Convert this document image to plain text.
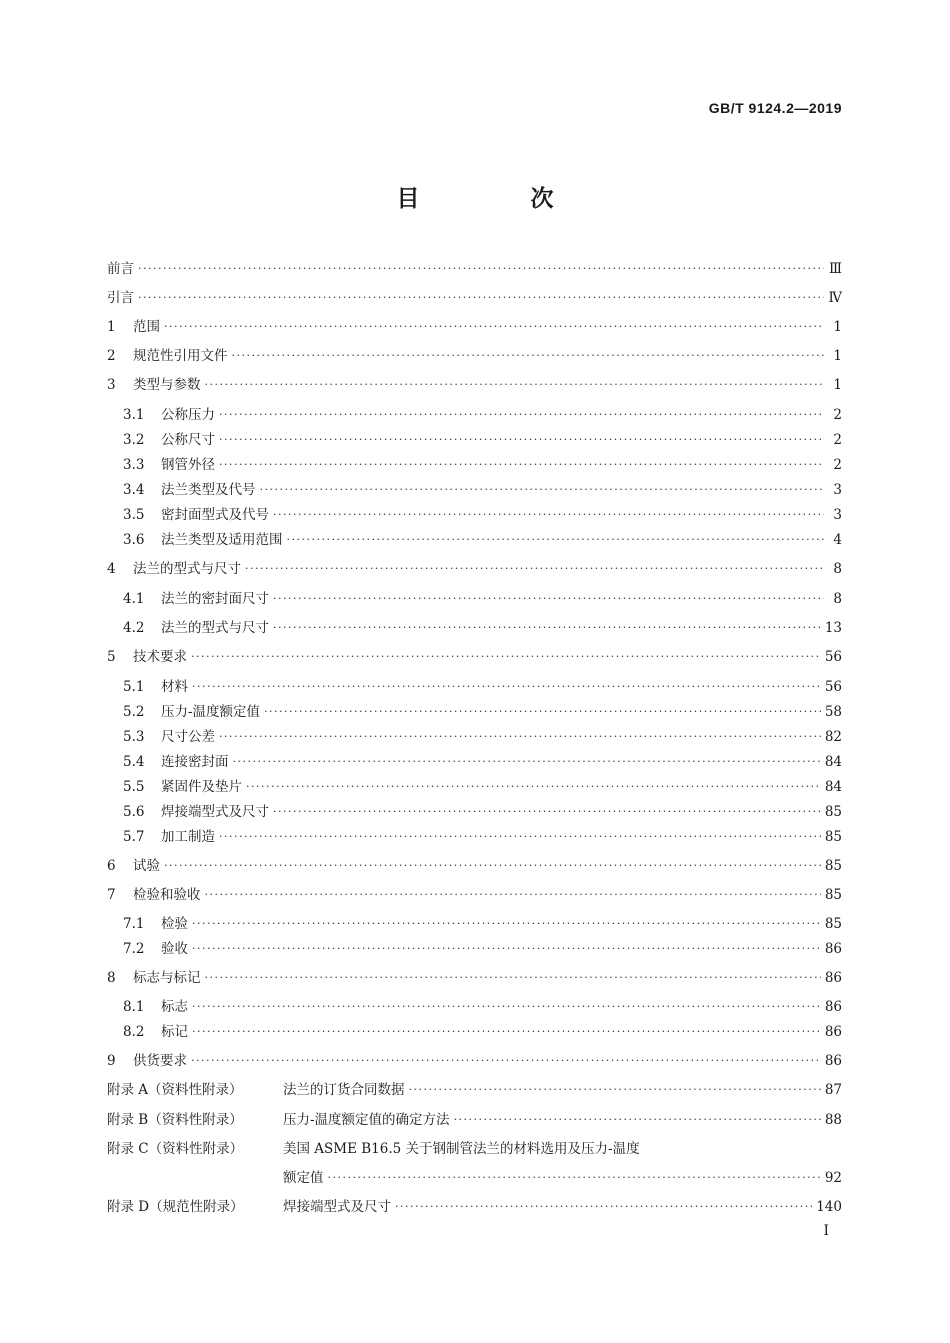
GB/T 9124.2—2019
目　次
前言 ·····	Ⅲ
引言 ·····	Ⅳ
1	范围 ·····	1
2	规范性引用文件 ·····	1
3	类型与参数 ·····	1
3.1	公称压力 ·····	2
3.2	公称尺寸 ·····	2
3.3	钢管外径 ·····	2
3.4	法兰类型及代号 ·····	3
3.5	密封面型式及代号 ·····	3
3.6	法兰类型及适用范围 ·····	4
4	法兰的型式与尺寸 ·····	8
4.1	法兰的密封面尺寸 ·····	8
4.2	法兰的型式与尺寸 ·····	13
5	技术要求 ·····	56
5.1	材料 ·····	56
5.2	压力-温度额定值 ·····	58
5.3	尺寸公差 ·····	82
5.4	连接密封面 ·····	84
5.5	紧固件及垫片 ·····	84
5.6	焊接端型式及尺寸 ·····	85
5.7	加工制造 ·····	85
6	试验 ·····	85
7	检验和验收 ·····	85
7.1	检验 ·····	85
7.2	验收 ·····	86
8	标志与标记 ·····	86
8.1	标志 ·····	86
8.2	标记 ·····	86
9	供货要求 ·····	86
附录 A（资料性附录）	法兰的订货合同数据 ·····	87
附录 B（资料性附录）	压力-温度额定值的确定方法 ·····	88
附录 C（资料性附录）	美国 ASME B16.5 关于钢制管法兰的材料选用及压力-温度
额定值 ·····	92
附录 D（规范性附录）	焊接端型式及尺寸 ·····	140
Ⅰ
